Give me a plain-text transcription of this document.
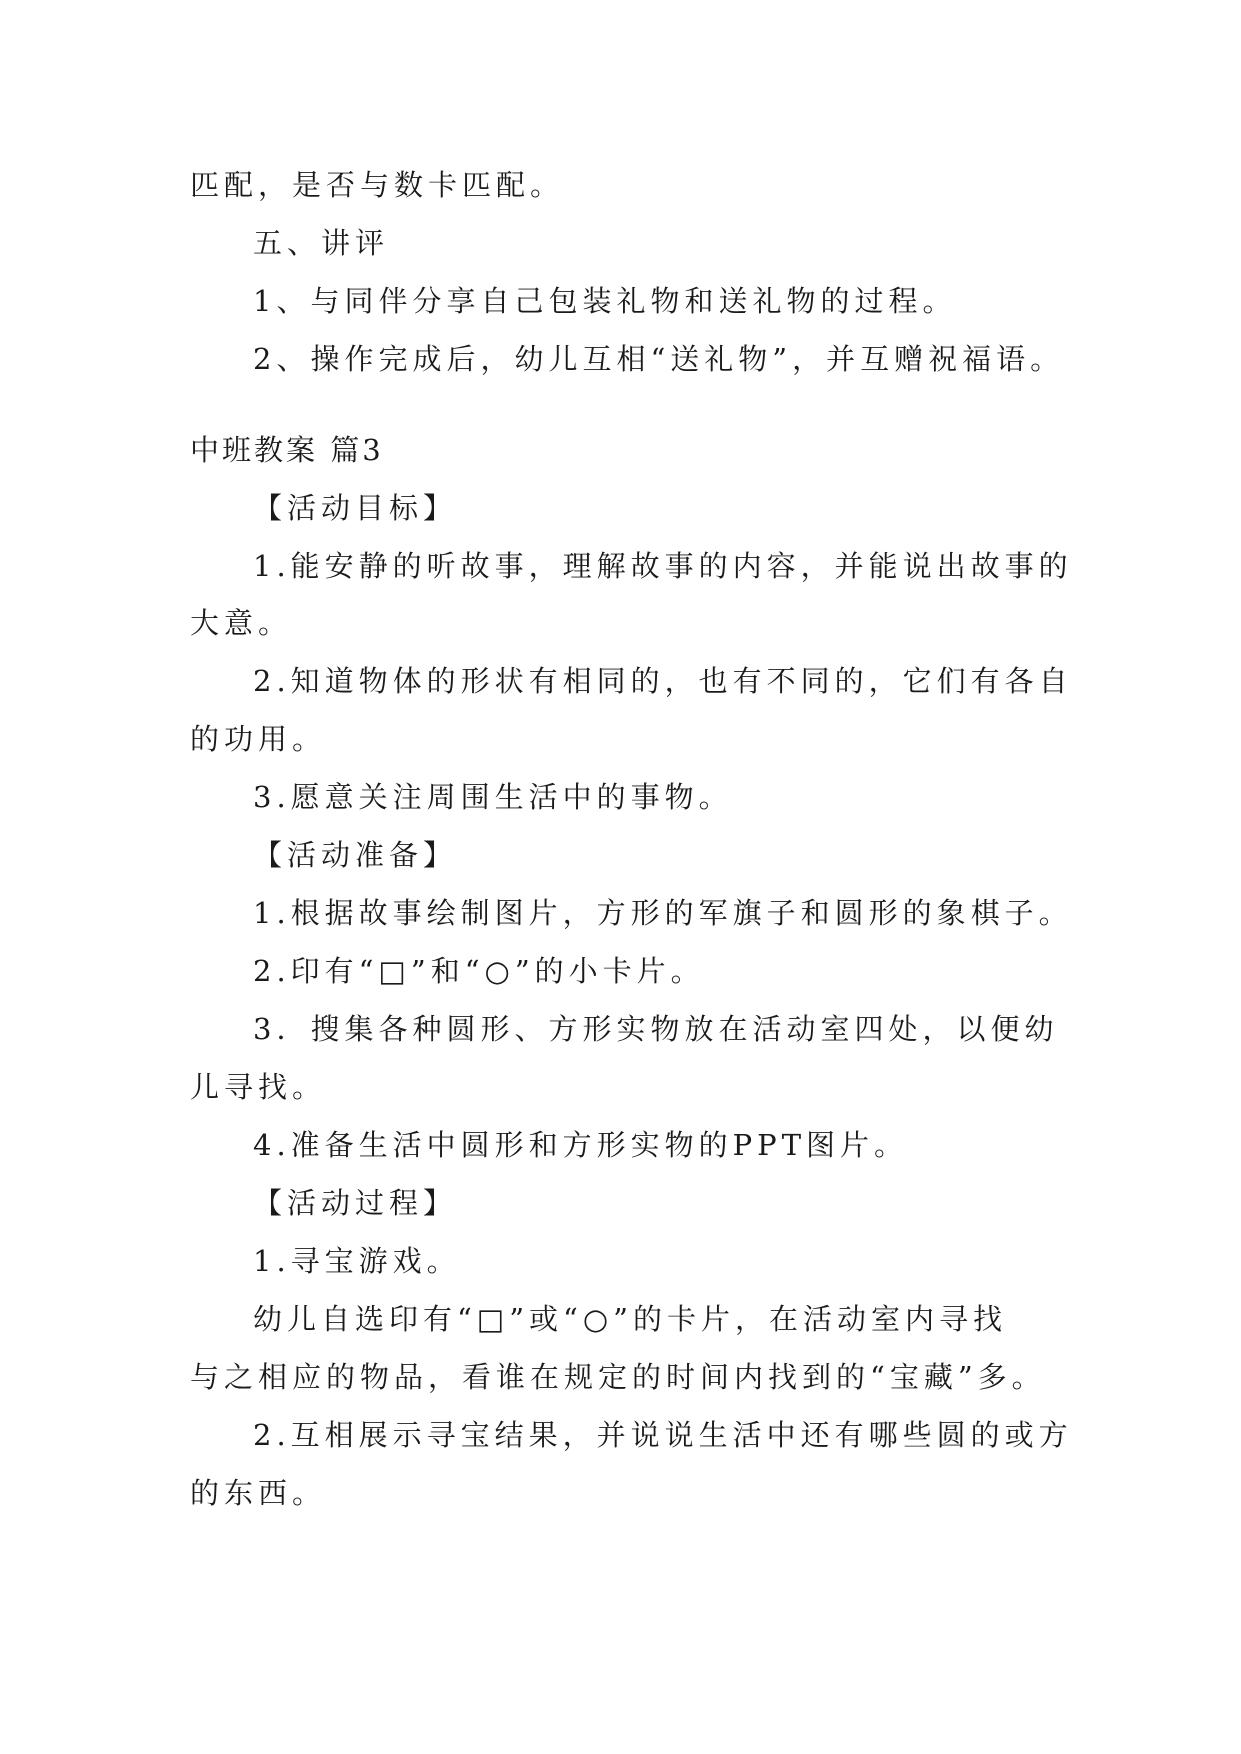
匹配，是否与数卡匹配。
五、讲评
1、与同伴分享自己包装礼物和送礼物的过程。
2、操作完成后，幼儿互相“送礼物”，并互赠祝福语。
中班教案 篇3
【活动目标】
1.能安静的听故事，理解故事的内容，并能说出故事的
大意。
2.知道物体的形状有相同的，也有不同的，它们有各自
的功用。
3.愿意关注周围生活中的事物。
【活动准备】
1.根据故事绘制图片，方形的军旗子和圆形的象棋子。
2.印有“□”和“○”的小卡片。
3．搜集各种圆形、方形实物放在活动室四处，以便幼
儿寻找。
4.准备生活中圆形和方形实物的PPT图片。
【活动过程】
1.寻宝游戏。
幼儿自选印有“□”或“○”的卡片，在活动室内寻找
与之相应的物品，看谁在规定的时间内找到的“宝藏”多。
2.互相展示寻宝结果，并说说生活中还有哪些圆的或方
的东西。
